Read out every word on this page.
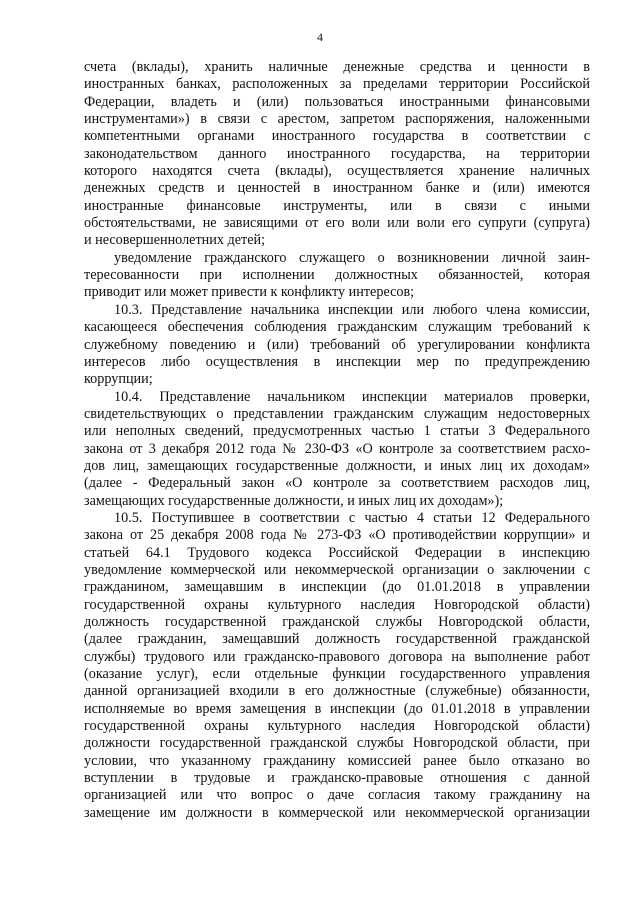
4
счета (вклады), хранить наличные денежные средства и ценности в
иностранных банках, расположенных за пределами территории Российской
Федерации, владеть и (или) пользоваться иностранными финансовыми
инструментами») в связи с арестом, запретом распоряжения, наложенными
компетентными органами иностранного государства в соответствии с
законодательством данного иностранного государства, на территории
которого находятся счета (вклады), осуществляется хранение наличных
денежных средств и ценностей в иностранном банке и (или) имеются
иностранные финансовые инструменты, или в связи с иными
обстоятельствами, не зависящими от его воли или воли его супруги (супруга)
и несовершеннолетних детей;
уведомление гражданского служащего о возникновении личной заин-
тересованности при исполнении должностных обязанностей, которая
приводит или может привести к конфликту интересов;
10.3. Представление начальника инспекции или любого члена комиссии,
касающееся обеспечения соблюдения гражданским служащим требований к
служебному поведению и (или) требований об урегулировании конфликта
интересов либо осуществления в инспекции мер по предупреждению
коррупции;
10.4. Представление начальником инспекции материалов проверки,
свидетельствующих о представлении гражданским служащим недостоверных
или неполных сведений, предусмотренных частью 1 статьи 3 Федерального
закона от 3 декабря 2012 года № 230-ФЗ «О контроле за соответствием расхо-
дов лиц, замещающих государственные должности, и иных лиц их доходам»
(далее - Федеральный закон «О контроле за соответствием расходов лиц,
замещающих государственные должности, и иных лиц их доходам»);
10.5. Поступившее в соответствии с частью 4 статьи 12 Федерального
закона от 25 декабря 2008 года № 273-ФЗ «О противодействии коррупции» и
статьей 64.1 Трудового кодекса Российской Федерации в инспекцию
уведомление коммерческой или некоммерческой организации о заключении с
гражданином, замещавшим в инспекции (до 01.01.2018 в управлении
государственной охраны культурного наследия Новгородской области)
должность государственной гражданской службы Новгородской области,
(далее гражданин, замещавший должность государственной гражданской
службы) трудового или гражданско-правового договора на выполнение работ
(оказание услуг), если отдельные функции государственного управления
данной организацией входили в его должностные (служебные) обязанности,
исполняемые во время замещения в инспекции (до 01.01.2018 в управлении
государственной охраны культурного наследия Новгородской области)
должности государственной гражданской службы Новгородской области, при
условии, что указанному гражданину комиссией ранее было отказано во
вступлении в трудовые и гражданско-правовые отношения с данной
организацией или что вопрос о даче согласия такому гражданину на
замещение им должности в коммерческой или некоммерческой организации
